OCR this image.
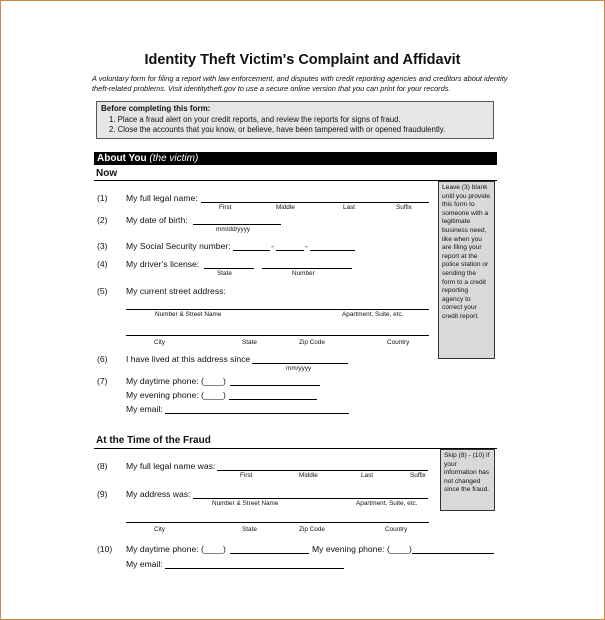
Identity Theft Victim's Complaint and Affidavit
A voluntary form for filing a report with law enforcement, and disputes with credit reporting agencies and creditors about identity theft-related problems. Visit identitytheft.gov to use a secure online version that you can print for your records.
Before completing this form:
1. Place a fraud alert on your credit reports, and review the reports for signs of fraud.
2. Close the accounts that you know, or believe, have been tampered with or opened fraudulently.
About You (the victim)
Now
Leave (3) blank until you provide this form to someone with a legitimate business need, like when you are filing your report at the police station or sending the form to a credit reporting agency to correct your credit report.
(1) My full legal name:
First	Middle	Last	Suffix
(2) My date of birth:
mm/dd/yyyy
(3) My Social Security number:	-	-
(4) My driver’s license:
State	Number
(5) My current street address:
Number & Street Name	Apartment, Suite, etc.
City	State	Zip Code	Country
(6) I have lived at this address since
mm/yyyy
(7) My daytime phone: (____)
My evening phone: (____)
My email:
At the Time of the Fraud
Skip (8) - (10) if your information has not changed since the fraud.
(8) My full legal name was:
First	Middle	Last	Suffix
(9) My address was:
Number & Street Name	Apartment, Suite, etc.
City	State	Zip Code	Country
(10) My daytime phone: (____)	My evening phone: (____)
My email:
